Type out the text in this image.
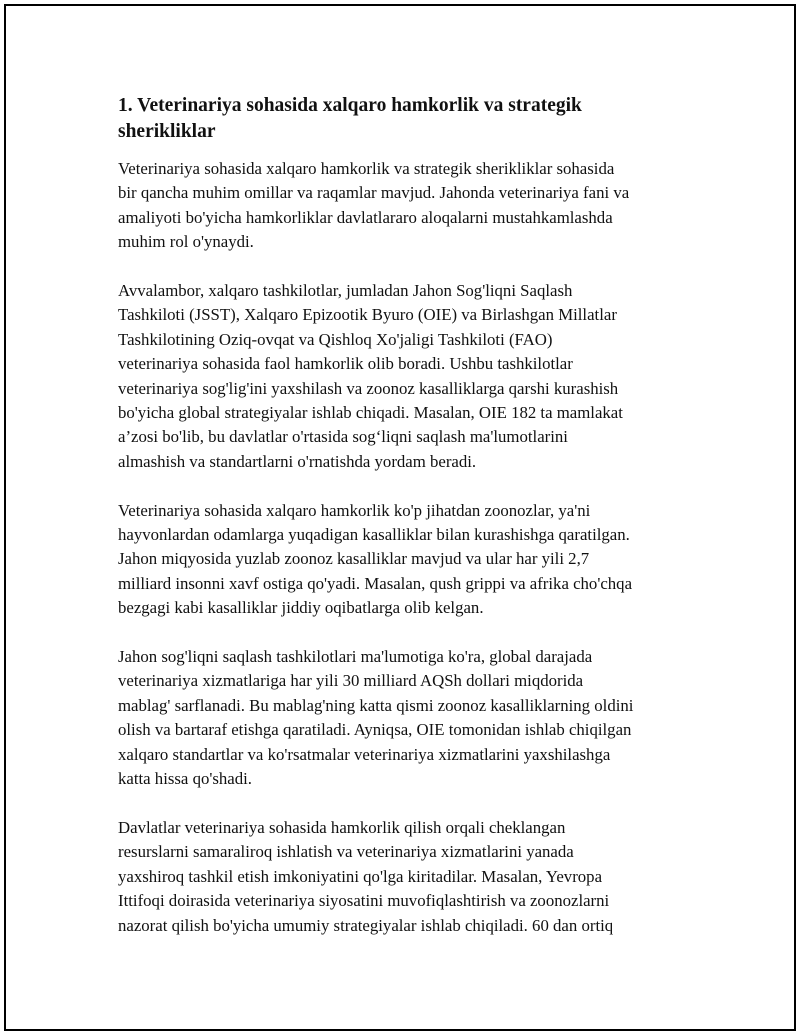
1. Veterinariya sohasida xalqaro hamkorlik va strategik
sherikliklar

Veterinariya sohasida xalqaro hamkorlik va strategik sherikliklar sohasida
bir qancha muhim omillar va raqamlar mavjud. Jahonda veterinariya fani va
amaliyoti bo'yicha hamkorliklar davlatlararo aloqalarni mustahkamlashda
muhim rol o'ynaydi.

Avvalambor, xalqaro tashkilotlar, jumladan Jahon Sog'liqni Saqlash
Tashkiloti (JSST), Xalqaro Epizootik Byuro (OIE) va Birlashgan Millatlar
Tashkilotining Oziq-ovqat va Qishloq Xo'jaligi Tashkiloti (FAO)
veterinariya sohasida faol hamkorlik olib boradi. Ushbu tashkilotlar
veterinariya sog'lig'ini yaxshilash va zoonoz kasalliklarga qarshi kurashish
bo'yicha global strategiyalar ishlab chiqadi. Masalan, OIE 182 ta mamlakat
a’zosi bo'lib, bu davlatlar o'rtasida sog‘liqni saqlash ma'lumotlarini
almashish va standartlarni o'rnatishda yordam beradi.

Veterinariya sohasida xalqaro hamkorlik ko'p jihatdan zoonozlar, ya'ni
hayvonlardan odamlarga yuqadigan kasalliklar bilan kurashishga qaratilgan.
Jahon miqyosida yuzlab zoonoz kasalliklar mavjud va ular har yili 2,7
milliard insonni xavf ostiga qo'yadi. Masalan, qush grippi va afrika cho'chqa
bezgagi kabi kasalliklar jiddiy oqibatlarga olib kelgan.

Jahon sog'liqni saqlash tashkilotlari ma'lumotiga ko'ra, global darajada
veterinariya xizmatlariga har yili 30 milliard AQSh dollari miqdorida
mablag' sarflanadi. Bu mablag'ning katta qismi zoonoz kasalliklarning oldini
olish va bartaraf etishga qaratiladi. Ayniqsa, OIE tomonidan ishlab chiqilgan
xalqaro standartlar va ko'rsatmalar veterinariya xizmatlarini yaxshilashga
katta hissa qo'shadi.

Davlatlar veterinariya sohasida hamkorlik qilish orqali cheklangan
resurslarni samaraliroq ishlatish va veterinariya xizmatlarini yanada
yaxshiroq tashkil etish imkoniyatini qo'lga kiritadilar. Masalan, Yevropa
Ittifoqi doirasida veterinariya siyosatini muvofiqlashtirish va zoonozlarni
nazorat qilish bo'yicha umumiy strategiyalar ishlab chiqiladi. 60 dan ortiq
